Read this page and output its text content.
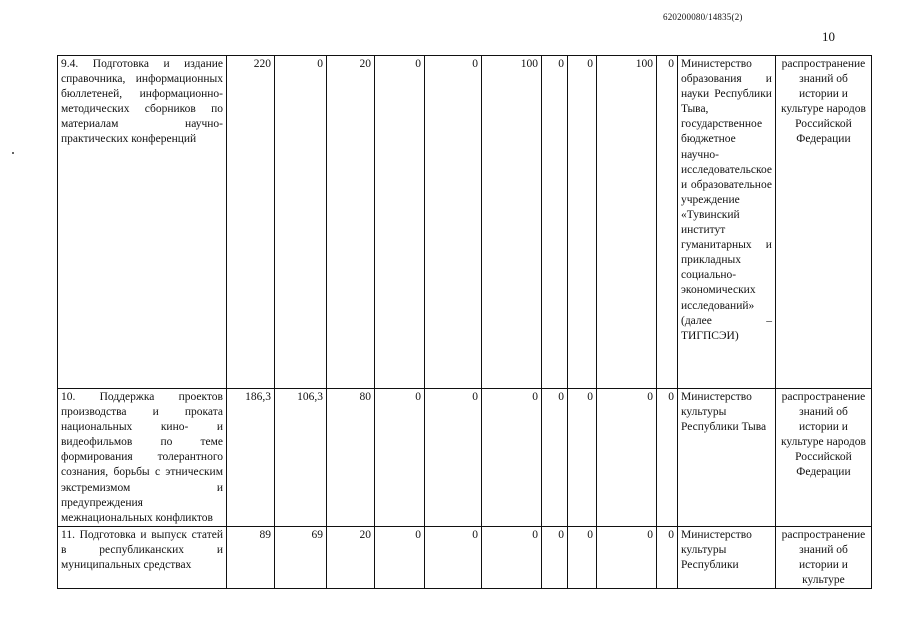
620200080/14835(2)
10
9.4. Подготовка и издание справочника, информационных бюллетеней, информационно-методических сборников по материалам научно-практических конференций	220	0	20	0	0	100	0	0	100	0	Министерство образования и науки Республики Тыва, государственное бюджетное научно-исследовательское и образовательное учреждение «Тувинский институт гуманитарных и прикладных социально-экономических исследований» (далее – ТИГПСЭИ)	распространение знаний об истории и культуре народов Российской Федерации
10. Поддержка проектов производства и проката национальных кино- и видеофильмов по теме формирования толерантного сознания, борьбы с этническим экстремизмом и предупреждения межнациональных конфликтов	186,3	106,3	80	0	0	0	0	0	0	0	Министерство культуры Республики Тыва	распространение знаний об истории и культуре народов Российской Федерации
11. Подготовка и выпуск статей в республиканских и муниципальных средствах	89	69	20	0	0	0	0	0	0	0	Министерство культуры Республики	распространение знаний об истории и культуре
